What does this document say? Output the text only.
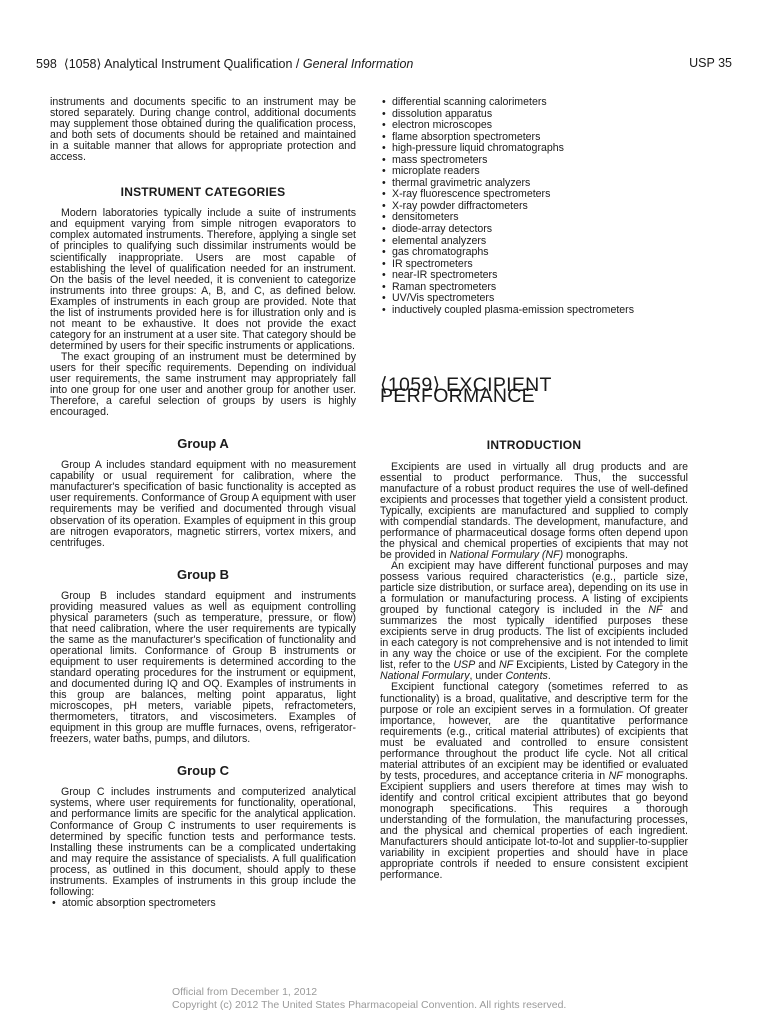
598 ⟨1058⟩ Analytical Instrument Qualification / General Information	USP 35

instruments and documents specific to an instrument may be stored separately. During change control, additional documents may supplement those obtained during the qualification process, and both sets of documents should be retained and maintained in a suitable manner that allows for appropriate protection and access.

INSTRUMENT CATEGORIES

Modern laboratories typically include a suite of instruments and equipment varying from simple nitrogen evaporators to complex automated instruments. Therefore, applying a single set of principles to qualifying such dissimilar instruments would be scientifically inappropriate. Users are most capable of establishing the level of qualification needed for an instrument. On the basis of the level needed, it is convenient to categorize instruments into three groups: A, B, and C, as defined below. Examples of instruments in each group are provided. Note that the list of instruments provided here is for illustration only and is not meant to be exhaustive. It does not provide the exact category for an instrument at a user site. That category should be determined by users for their specific instruments or applications.

The exact grouping of an instrument must be determined by users for their specific requirements. Depending on individual user requirements, the same instrument may appropriately fall into one group for one user and another group for another user. Therefore, a careful selection of groups by users is highly encouraged.

Group A

Group A includes standard equipment with no measurement capability or usual requirement for calibration, where the manufacturer's specification of basic functionality is accepted as user requirements. Conformance of Group A equipment with user requirements may be verified and documented through visual observation of its operation. Examples of equipment in this group are nitrogen evaporators, magnetic stirrers, vortex mixers, and centrifuges.

Group B

Group B includes standard equipment and instruments providing measured values as well as equipment controlling physical parameters (such as temperature, pressure, or flow) that need calibration, where the user requirements are typically the same as the manufacturer's specification of functionality and operational limits. Conformance of Group B instruments or equipment to user requirements is determined according to the standard operating procedures for the instrument or equipment, and documented during IQ and OQ. Examples of instruments in this group are balances, melting point apparatus, light microscopes, pH meters, variable pipets, refractometers, thermometers, titrators, and viscosimeters. Examples of equipment in this group are muffle furnaces, ovens, refrigerator-freezers, water baths, pumps, and dilutors.

Group C

Group C includes instruments and computerized analytical systems, where user requirements for functionality, operational, and performance limits are specific for the analytical application. Conformance of Group C instruments to user requirements is determined by specific function tests and performance tests. Installing these instruments can be a complicated undertaking and may require the assistance of specialists. A full qualification process, as outlined in this document, should apply to these instruments. Examples of instruments in this group include the following:

• atomic absorption spectrometers
• differential scanning calorimeters
• dissolution apparatus
• electron microscopes
• flame absorption spectrometers
• high-pressure liquid chromatographs
• mass spectrometers
• microplate readers
• thermal gravimetric analyzers
• X-ray fluorescence spectrometers
• X-ray powder diffractometers
• densitometers
• diode-array detectors
• elemental analyzers
• gas chromatographs
• IR spectrometers
• near-IR spectrometers
• Raman spectrometers
• UV/Vis spectrometers
• inductively coupled plasma-emission spectrometers
⟨1059⟩ EXCIPIENT PERFORMANCE
INTRODUCTION

Excipients are used in virtually all drug products and are essential to product performance. Thus, the successful manufacture of a robust product requires the use of well-defined excipients and processes that together yield a consistent product. Typically, excipients are manufactured and supplied to comply with compendial standards. The development, manufacture, and performance of pharmaceutical dosage forms often depend upon the physical and chemical properties of excipients that may not be provided in National Formulary (NF) monographs.

An excipient may have different functional purposes and may possess various required characteristics (e.g., particle size, particle size distribution, or surface area), depending on its use in a formulation or manufacturing process. A listing of excipients grouped by functional category is included in the NF and summarizes the most typically identified purposes these excipients serve in drug products. The list of excipients included in each category is not comprehensive and is not intended to limit in any way the choice or use of the excipient. For the complete list, refer to the USP and NF Excipients, Listed by Category in the National Formulary, under Contents.

Excipient functional category (sometimes referred to as functionality) is a broad, qualitative, and descriptive term for the purpose or role an excipient serves in a formulation. Of greater importance, however, are the quantitative performance requirements (e.g., critical material attributes) of excipients that must be evaluated and controlled to ensure consistent performance throughout the product life cycle. Not all critical material attributes of an excipient may be identified or evaluated by tests, procedures, and acceptance criteria in NF monographs. Excipient suppliers and users therefore at times may wish to identify and control critical excipient attributes that go beyond monograph specifications. This requires a thorough understanding of the formulation, the manufacturing processes, and the physical and chemical properties of each ingredient. Manufacturers should anticipate lot-to-lot and supplier-to-supplier variability in excipient properties and should have in place appropriate controls if needed to ensure consistent excipient performance.

Official from December 1, 2012
Copyright (c) 2012 The United States Pharmacopeial Convention. All rights reserved.
